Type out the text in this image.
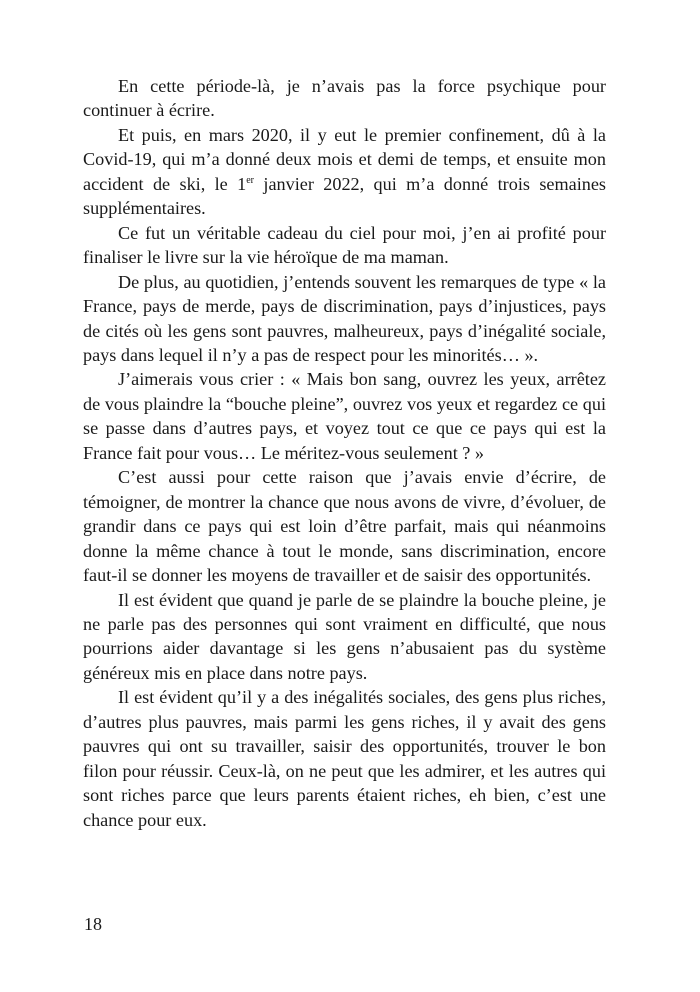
En cette période-là, je n’avais pas la force psychique pour continuer à écrire.

Et puis, en mars 2020, il y eut le premier confinement, dû à la Covid-19, qui m’a donné deux mois et demi de temps, et ensuite mon accident de ski, le 1er janvier 2022, qui m’a donné trois semaines supplémentaires.

Ce fut un véritable cadeau du ciel pour moi, j’en ai profité pour finaliser le livre sur la vie héroïque de ma maman.

De plus, au quotidien, j’entends souvent les remarques de type « la France, pays de merde, pays de discrimination, pays d’injustices, pays de cités où les gens sont pauvres, malheureux, pays d’inégalité sociale, pays dans lequel il n’y a pas de respect pour les minorités… ».

J’aimerais vous crier : « Mais bon sang, ouvrez les yeux, arrêtez de vous plaindre la “bouche pleine”, ouvrez vos yeux et regardez ce qui se passe dans d’autres pays, et voyez tout ce que ce pays qui est la France fait pour vous… Le méritez-vous seulement ? »

C’est aussi pour cette raison que j’avais envie d’écrire, de témoigner, de montrer la chance que nous avons de vivre, d’évoluer, de grandir dans ce pays qui est loin d’être parfait, mais qui néanmoins donne la même chance à tout le monde, sans discrimination, encore faut-il se donner les moyens de travailler et de saisir des opportunités.

Il est évident que quand je parle de se plaindre la bouche pleine, je ne parle pas des personnes qui sont vraiment en difficulté, que nous pourrions aider davantage si les gens n’abusaient pas du système généreux mis en place dans notre pays.

Il est évident qu’il y a des inégalités sociales, des gens plus riches, d’autres plus pauvres, mais parmi les gens riches, il y avait des gens pauvres qui ont su travailler, saisir des opportunités, trouver le bon filon pour réussir. Ceux-là, on ne peut que les admirer, et les autres qui sont riches parce que leurs parents étaient riches, eh bien, c’est une chance pour eux.

18
